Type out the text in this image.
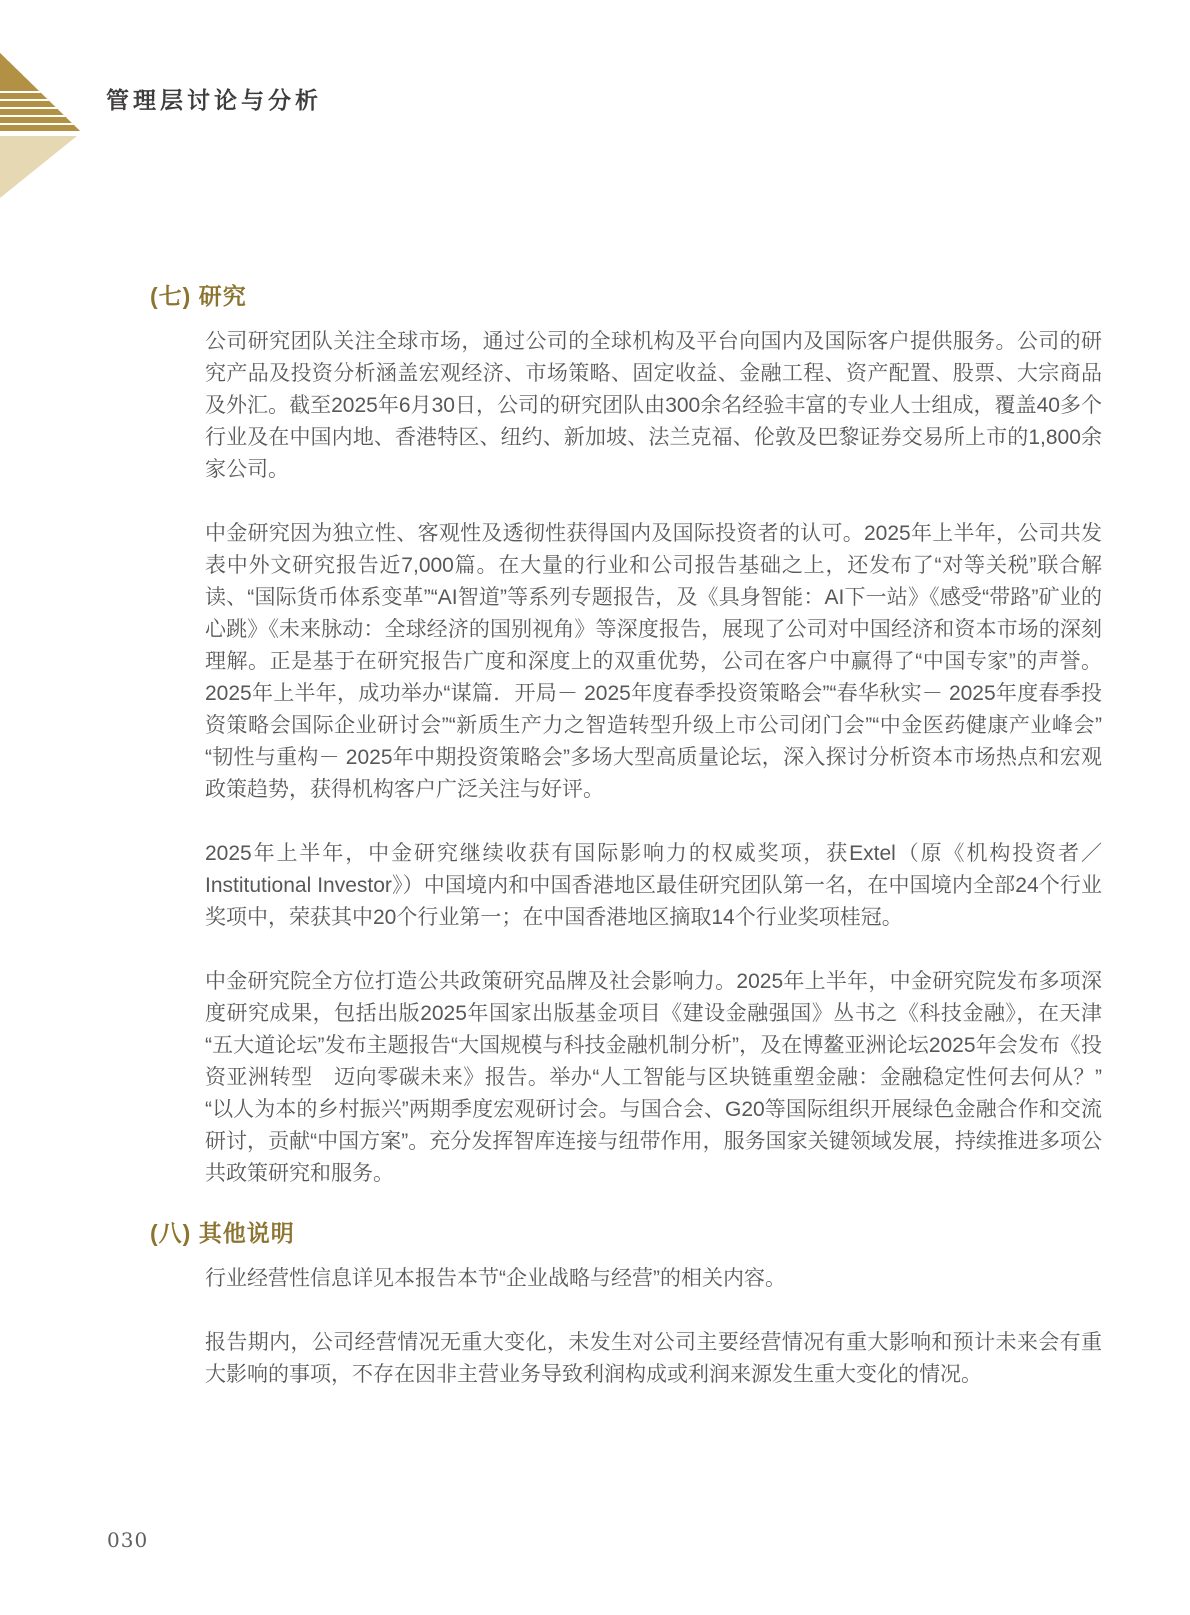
管理层讨论与分析
(七) 研究

公司研究团队关注全球市场，通过公司的全球机构及平台向国内及国际客户提供服务。公司的研究产品及投资分析涵盖宏观经济、市场策略、固定收益、金融工程、资产配置、股票、大宗商品及外汇。截至2025年6月30日，公司的研究团队由300余名经验丰富的专业人士组成，覆盖40多个行业及在中国内地、香港特区、纽约、新加坡、法兰克福、伦敦及巴黎证券交易所上市的1,800余家公司。

中金研究因为独立性、客观性及透彻性获得国内及国际投资者的认可。2025年上半年，公司共发表中外文研究报告近7,000篇。在大量的行业和公司报告基础之上，还发布了“对等关税”联合解读、“国际货币体系变革”“AI智道”等系列专题报告，及《具身智能：AI下一站》《感受“带路”矿业的心跳》《未来脉动：全球经济的国别视角》等深度报告，展现了公司对中国经济和资本市场的深刻理解。正是基于在研究报告广度和深度上的双重优势，公司在客户中赢得了“中国专家”的声誉。2025年上半年，成功举办“谋篇．开局－ 2025年度春季投资策略会”“春华秋实－ 2025年度春季投资策略会国际企业研讨会”“新质生产力之智造转型升级上市公司闭门会”“中金医药健康产业峰会”“韧性与重构－ 2025年中期投资策略会”多场大型高质量论坛，深入探讨分析资本市场热点和宏观政策趋势，获得机构客户广泛关注与好评。

2025年上半年，中金研究继续收获有国际影响力的权威奖项，获Extel（原《机构投资者／Institutional Investor》）中国境内和中国香港地区最佳研究团队第一名，在中国境内全部24个行业奖项中，荣获其中20个行业第一；在中国香港地区摘取14个行业奖项桂冠。

中金研究院全方位打造公共政策研究品牌及社会影响力。2025年上半年，中金研究院发布多项深度研究成果，包括出版2025年国家出版基金项目《建设金融强国》丛书之《科技金融》，在天津“五大道论坛”发布主题报告“大国规模与科技金融机制分析”，及在博鳌亚洲论坛2025年会发布《投资亚洲转型　迈向零碳未来》报告。举办“人工智能与区块链重塑金融：金融稳定性何去何从？”“以人为本的乡村振兴”两期季度宏观研讨会。与国合会、G20等国际组织开展绿色金融合作和交流研讨，贡献“中国方案”。充分发挥智库连接与纽带作用，服务国家关键领域发展，持续推进多项公共政策研究和服务。

(八) 其他说明

行业经营性信息详见本报告本节“企业战略与经营”的相关内容。

报告期内，公司经营情况无重大变化，未发生对公司主要经营情况有重大影响和预计未来会有重大影响的事项，不存在因非主营业务导致利润构成或利润来源发生重大变化的情况。

030
